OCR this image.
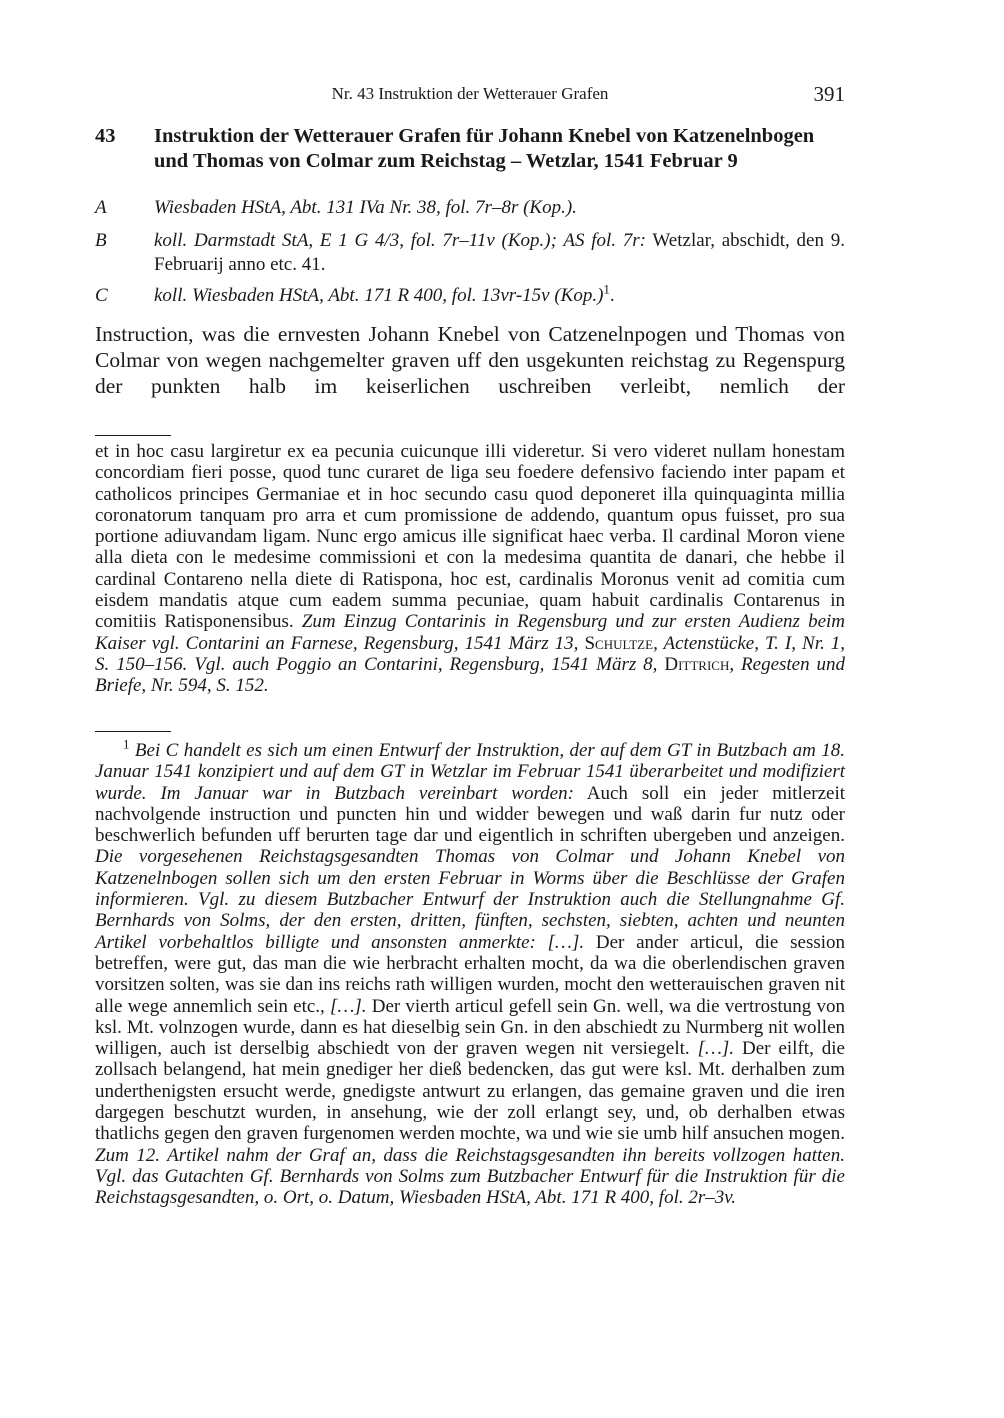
Nr. 43 Instruktion der Wetterauer Grafen	391
43 Instruktion der Wetterauer Grafen für Johann Knebel von Katzenelnbogen und Thomas von Colmar zum Reichstag – Wetzlar, 1541 Februar 9
A Wiesbaden HStA, Abt. 131 IVa Nr. 38, fol. 7r–8r (Kop.).
B koll. Darmstadt StA, E 1 G 4/3, fol. 7r–11v (Kop.); AS fol. 7r: Wetzlar, abschidt, den 9. Februarij anno etc. 41.
C koll. Wiesbaden HStA, Abt. 171 R 400, fol. 13vr-15v (Kop.)$^1$.
Instruction, was die ernvesten Johann Knebel von Catzenelnpogen und Thomas von Colmar von wegen nachgemelter graven uff den usgekunten reichstag zu Regenspurg der punkten halb im keiserlichen uschreiben verleibt, nemlich der
et in hoc casu largiretur ex ea pecunia cuicunque illi videretur. Si vero videret nullam honestam concordiam fieri posse, quod tunc curaret de liga seu foedere defensivo faciendo inter papam et catholicos principes Germaniae et in hoc secundo casu quod deponeret illa quinquaginta millia coronatorum tanquam pro arra et cum promissione de addendo, quantum opus fuisset, pro sua portione adiuvandam ligam. Nunc ergo amicus ille significat haec verba. Il cardinal Moron viene alla dieta con le medesime commissioni et con la medesima quantita de danari, che hebbe il cardinal Contareno nella diete di Ratispona, hoc est, cardinalis Moronus venit ad comitia cum eisdem mandatis atque cum eadem summa pecuniae, quam habuit cardinalis Contarenus in comitiis Ratisponensibus. Zum Einzug Contarinis in Regensburg und zur ersten Audienz beim Kaiser vgl. Contarini an Farnese, Regensburg, 1541 März 13, Schultze, Actenstücke, T. I, Nr. 1, S. 150–156. Vgl. auch Poggio an Contarini, Regensburg, 1541 März 8, Dittrich, Regesten und Briefe, Nr. 594, S. 152.
$^1$ Bei C handelt es sich um einen Entwurf der Instruktion, der auf dem GT in Butzbach am 18. Januar 1541 konzipiert und auf dem GT in Wetzlar im Februar 1541 überarbeitet und modifiziert wurde. Im Januar war in Butzbach vereinbart worden: Auch soll ein jeder mitlerzeit nachvolgende instruction und puncten hin und widder bewegen und waß darin fur nutz oder beschwerlich befunden uff berurten tage dar und eigentlich in schriften ubergeben und anzeigen. Die vorgesehenen Reichstagsgesandten Thomas von Colmar und Johann Knebel von Katzenelnbogen sollen sich um den ersten Februar in Worms über die Beschlüsse der Grafen informieren. Vgl. zu diesem Butzbacher Entwurf der Instruktion auch die Stellungnahme Gf. Bernhards von Solms, der den ersten, dritten, fünften, sechsten, siebten, achten und neunten Artikel vorbehaltlos billigte und ansonsten anmerkte: […]. Der ander articul, die session betreffen, were gut, das man die wie herbracht erhalten mocht, da wa die oberlendischen graven vorsitzen solten, was sie dan ins reichs rath willigen wurden, mocht den wetterauischen graven nit alle wege annemlich sein etc., […]. Der vierth articul gefell sein Gn. well, wa die vertrostung von ksl. Mt. volnzogen wurde, dann es hat dieselbig sein Gn. in den abschiedt zu Nurmberg nit wollen willigen, auch ist derselbig abschiedt von der graven wegen nit versiegelt. […]. Der eilft, die zollsach belangend, hat mein gnediger her dieß bedencken, das gut were ksl. Mt. derhalben zum underthenigsten ersucht werde, gnedigste antwurt zu erlangen, das gemaine graven und die iren dargegen beschutzt wurden, in ansehung, wie der zoll erlangt sey, und, ob derhalben etwas thatlichs gegen den graven furgenomen werden mochte, wa und wie sie umb hilf ansuchen mogen. Zum 12. Artikel nahm der Graf an, dass die Reichstagsgesandten ihn bereits vollzogen hatten. Vgl. das Gutachten Gf. Bernhards von Solms zum Butzbacher Entwurf für die Instruktion für die Reichstagsgesandten, o. Ort, o. Datum, Wiesbaden HStA, Abt. 171 R 400, fol. 2r–3v.
